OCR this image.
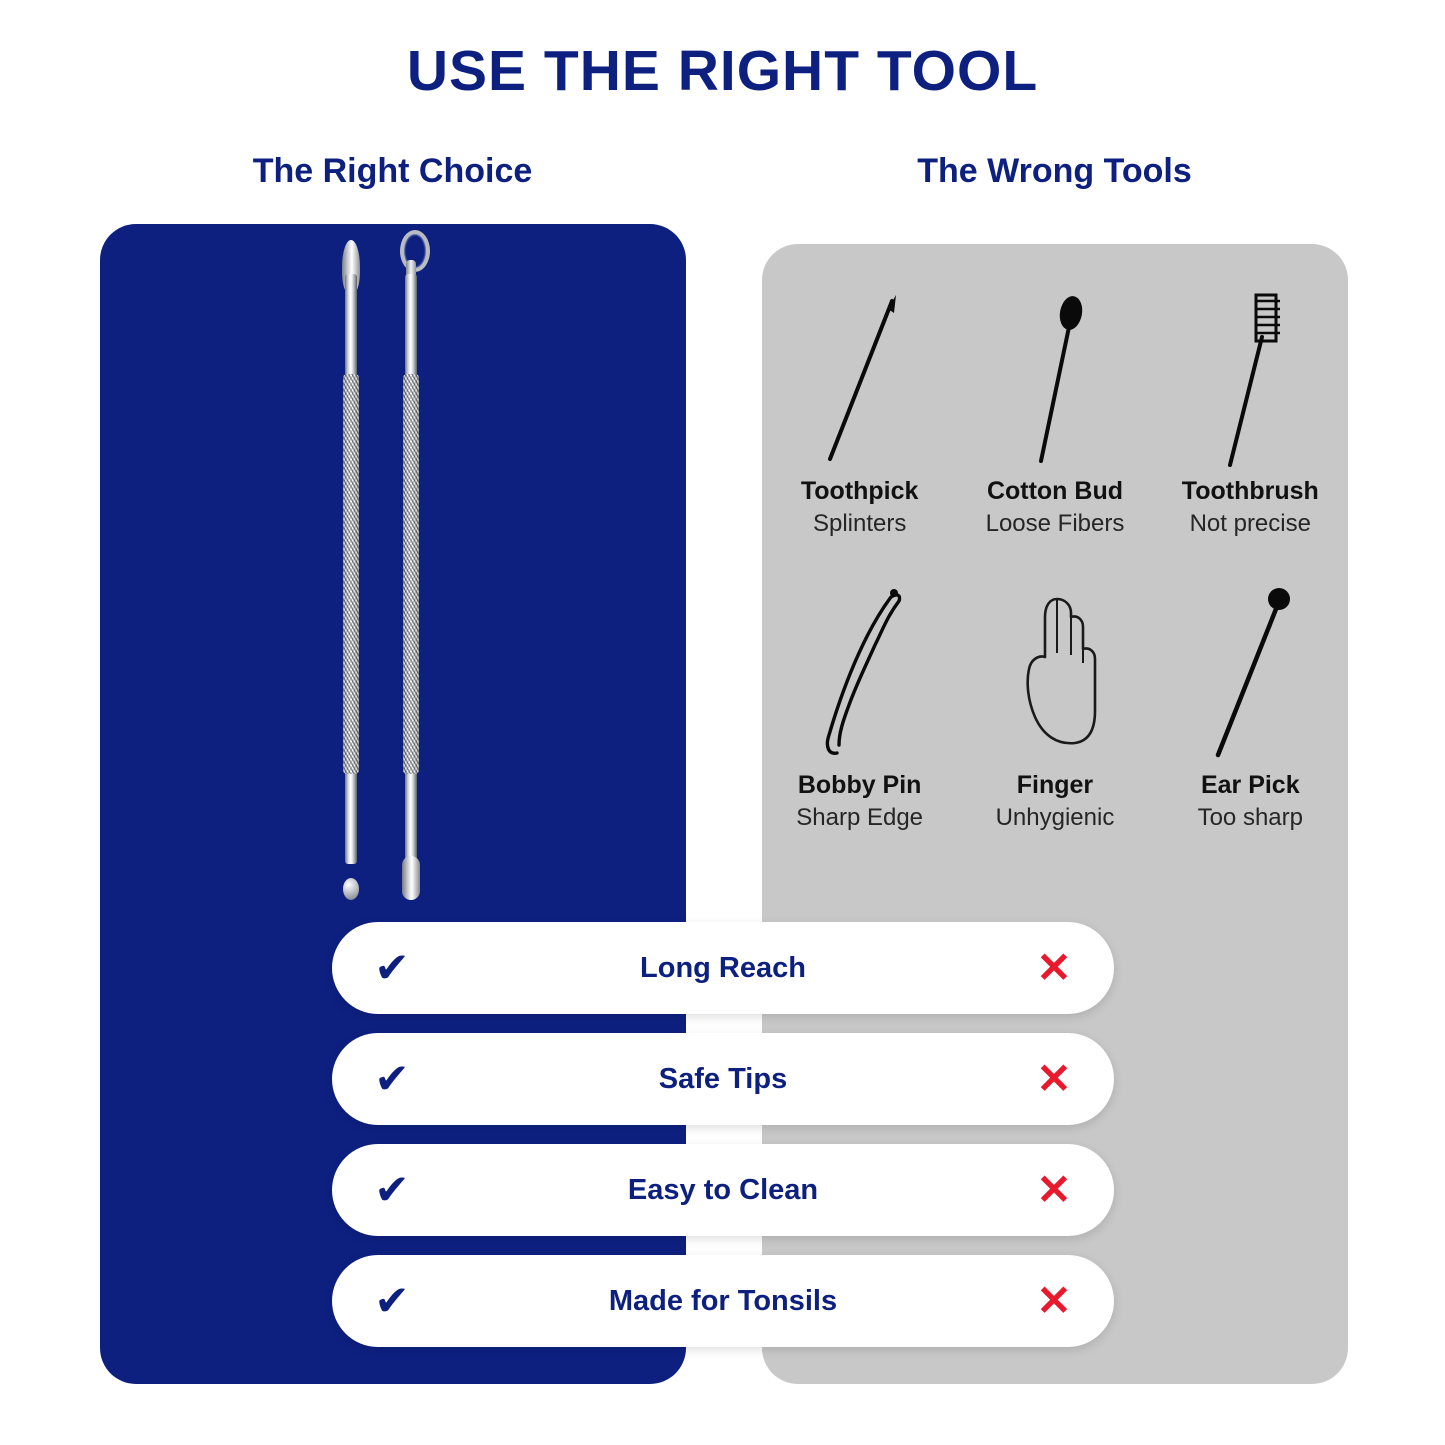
USE THE RIGHT TOOL
The Right Choice	The Wrong Tools
Toothpick
Splinters
Cotton Bud
Loose Fibers
Toothbrush
Not precise
Bobby Pin
Sharp Edge
Finger
Unhygienic
Ear Pick
Too sharp
✔	Long Reach	✕
✔	Safe Tips	✕
✔	Easy to Clean	✕
✔	Made for Tonsils	✕
